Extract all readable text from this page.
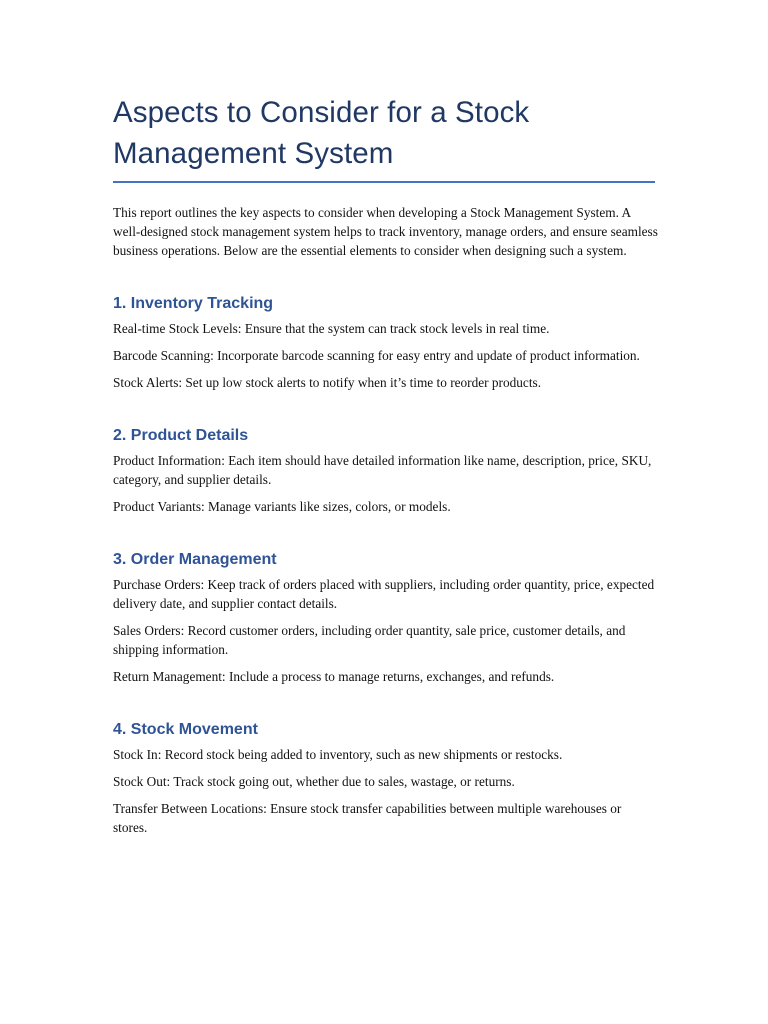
Aspects to Consider for a Stock Management System

This report outlines the key aspects to consider when developing a Stock Management System. A well-designed stock management system helps to track inventory, manage orders, and ensure seamless business operations. Below are the essential elements to consider when designing such a system.

1. Inventory Tracking

Real-time Stock Levels: Ensure that the system can track stock levels in real time.

Barcode Scanning: Incorporate barcode scanning for easy entry and update of product information.

Stock Alerts: Set up low stock alerts to notify when it’s time to reorder products.

2. Product Details

Product Information: Each item should have detailed information like name, description, price, SKU, category, and supplier details.

Product Variants: Manage variants like sizes, colors, or models.

3. Order Management

Purchase Orders: Keep track of orders placed with suppliers, including order quantity, price, expected delivery date, and supplier contact details.

Sales Orders: Record customer orders, including order quantity, sale price, customer details, and shipping information.

Return Management: Include a process to manage returns, exchanges, and refunds.

4. Stock Movement

Stock In: Record stock being added to inventory, such as new shipments or restocks.

Stock Out: Track stock going out, whether due to sales, wastage, or returns.

Transfer Between Locations: Ensure stock transfer capabilities between multiple warehouses or stores.
